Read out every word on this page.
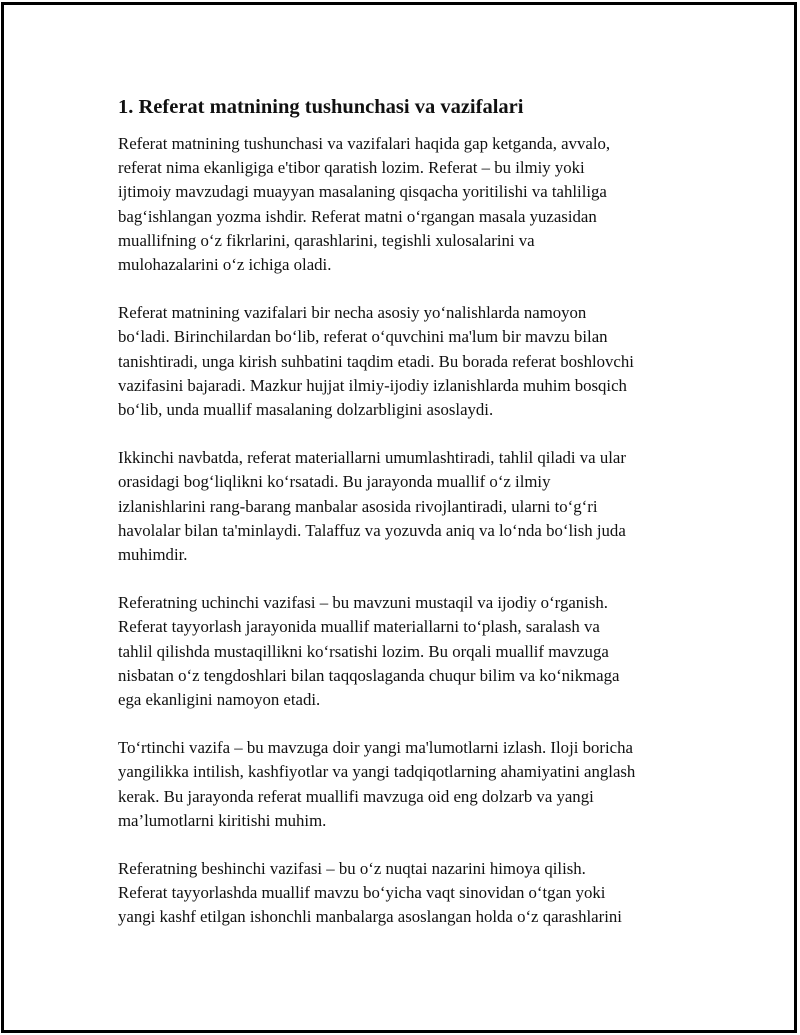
1. Referat matnining tushunchasi va vazifalari

Referat matnining tushunchasi va vazifalari haqida gap ketganda, avvalo,
referat nima ekanligiga e'tibor qaratish lozim. Referat – bu ilmiy yoki
ijtimoiy mavzudagi muayyan masalaning qisqacha yoritilishi va tahliliga
bag‘ishlangan yozma ishdir. Referat matni o‘rgangan masala yuzasidan
muallifning o‘z fikrlarini, qarashlarini, tegishli xulosalarini va
mulohazalarini o‘z ichiga oladi.

Referat matnining vazifalari bir necha asosiy yo‘nalishlarda namoyon
bo‘ladi. Birinchilardan bo‘lib, referat o‘quvchini ma'lum bir mavzu bilan
tanishtiradi, unga kirish suhbatini taqdim etadi. Bu borada referat boshlovchi
vazifasini bajaradi. Mazkur hujjat ilmiy-ijodiy izlanishlarda muhim bosqich
bo‘lib, unda muallif masalaning dolzarbligini asoslaydi.

Ikkinchi navbatda, referat materiallarni umumlashtiradi, tahlil qiladi va ular
orasidagi bog‘liqlikni ko‘rsatadi. Bu jarayonda muallif o‘z ilmiy
izlanishlarini rang-barang manbalar asosida rivojlantiradi, ularni to‘g‘ri
havolalar bilan ta'minlaydi. Talaffuz va yozuvda aniq va lo‘nda bo‘lish juda
muhimdir.

Referatning uchinchi vazifasi – bu mavzuni mustaqil va ijodiy o‘rganish.
Referat tayyorlash jarayonida muallif materiallarni to‘plash, saralash va
tahlil qilishda mustaqillikni ko‘rsatishi lozim. Bu orqali muallif mavzuga
nisbatan o‘z tengdoshlari bilan taqqoslaganda chuqur bilim va ko‘nikmaga
ega ekanligini namoyon etadi.

To‘rtinchi vazifa – bu mavzuga doir yangi ma'lumotlarni izlash. Iloji boricha
yangilikka intilish, kashfiyotlar va yangi tadqiqotlarning ahamiyatini anglash
kerak. Bu jarayonda referat muallifi mavzuga oid eng dolzarb va yangi
ma’lumotlarni kiritishi muhim.

Referatning beshinchi vazifasi – bu o‘z nuqtai nazarini himoya qilish.
Referat tayyorlashda muallif mavzu bo‘yicha vaqt sinovidan o‘tgan yoki
yangi kashf etilgan ishonchli manbalarga asoslangan holda o‘z qarashlarini
